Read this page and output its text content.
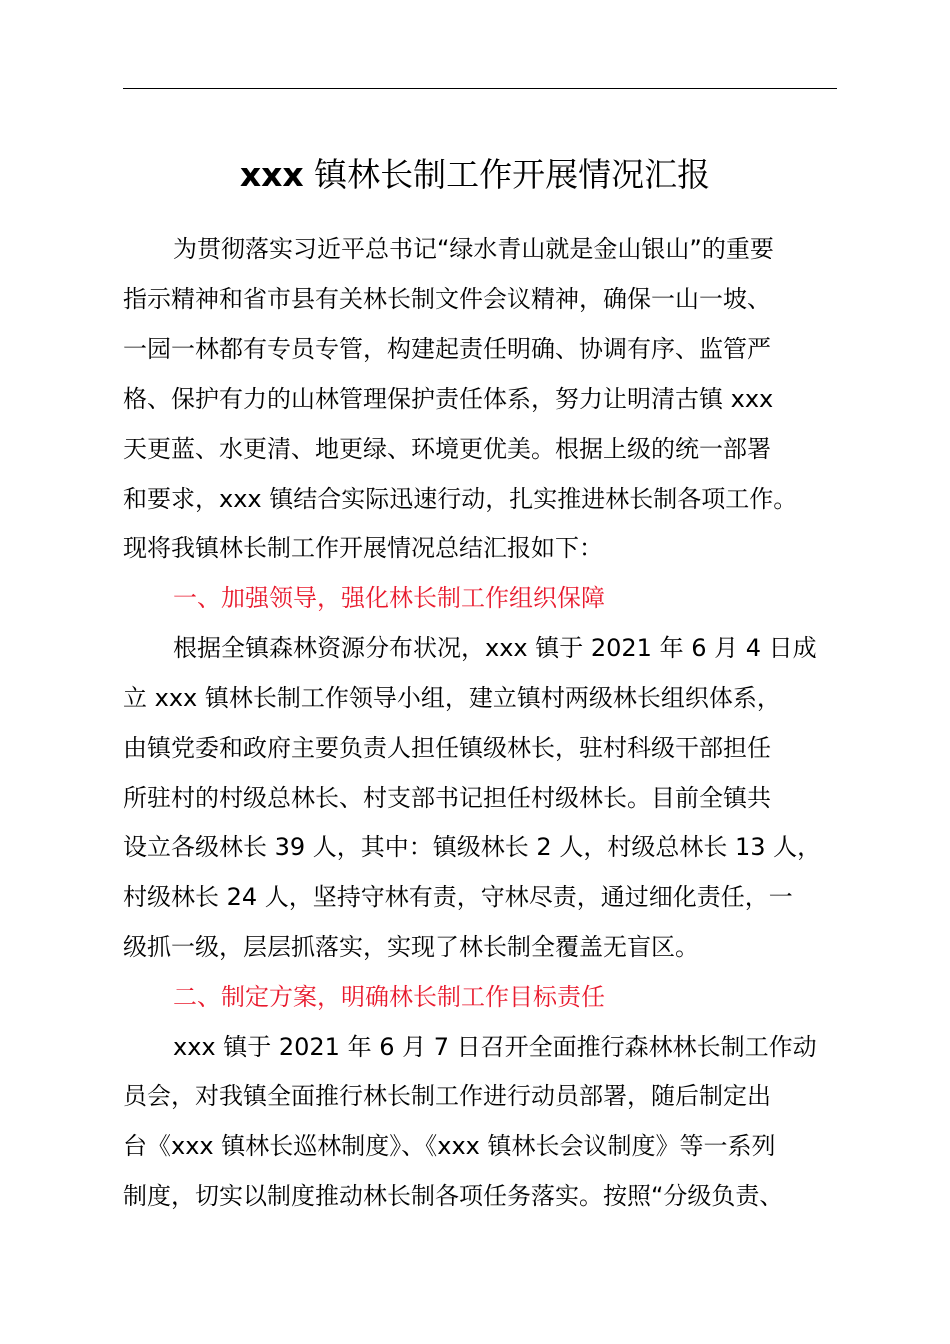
xxx 镇林长制工作开展情况汇报

为贯彻落实习近平总书记“绿水青山就是金山银山”的重要

指示精神和省市县有关林长制文件会议精神，确保一山一坡、

一园一林都有专员专管，构建起责任明确、协调有序、监管严

格、保护有力的山林管理保护责任体系，努力让明清古镇 xxx

天更蓝、水更清、地更绿、环境更优美。根据上级的统一部署

和要求，xxx 镇结合实际迅速行动，扎实推进林长制各项工作。

现将我镇林长制工作开展情况总结汇报如下：

一、加强领导，强化林长制工作组织保障

根据全镇森林资源分布状况，xxx 镇于 2021 年 6 月 4 日成

立 xxx 镇林长制工作领导小组，建立镇村两级林长组织体系，

由镇党委和政府主要负责人担任镇级林长，驻村科级干部担任

所驻村的村级总林长、村支部书记担任村级林长。目前全镇共

设立各级林长 39 人，其中：镇级林长 2 人，村级总林长 13 人，

村级林长 24 人，坚持守林有责，守林尽责，通过细化责任，一

级抓一级，层层抓落实，实现了林长制全覆盖无盲区。

二、制定方案，明确林长制工作目标责任

xxx 镇于 2021 年 6 月 7 日召开全面推行森林林长制工作动

员会，对我镇全面推行林长制工作进行动员部署，随后制定出

台《xxx 镇林长巡林制度》、《xxx 镇林长会议制度》等一系列

制度，切实以制度推动林长制各项任务落实。按照“分级负责、
